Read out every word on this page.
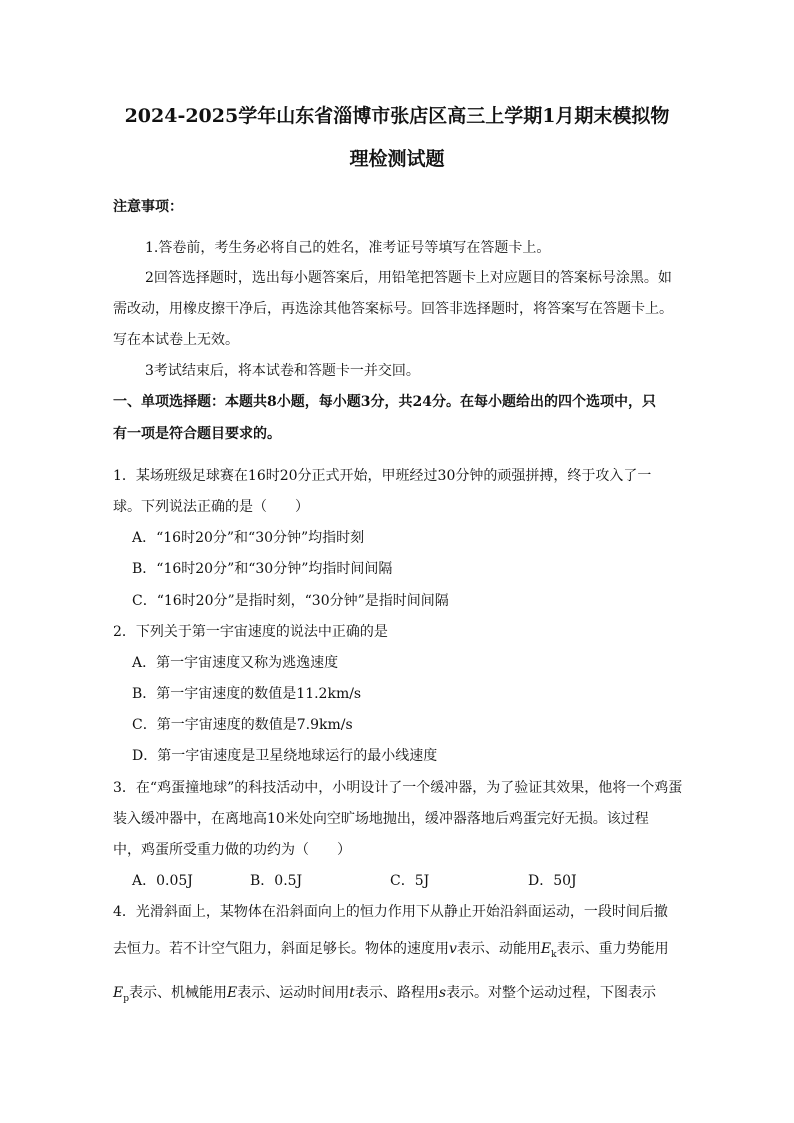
2024-2025学年山东省淄博市张店区高三上学期1月期末模拟物
理检测试题
注意事项：
1.答卷前，考生务必将自己的姓名，准考证号等填写在答题卡上。
2回答选择题时，选出每小题答案后，用铅笔把答题卡上对应题目的答案标号涂黑。如
需改动，用橡皮擦干净后，再选涂其他答案标号。回答非选择题时，将答案写在答题卡上。
写在本试卷上无效。
3考试结束后，将本试卷和答题卡一并交回。
一、单项选择题：本题共8小题，每小题3分，共24分。在每小题给出的四个选项中，只
有一项是符合题目要求的。
1．某场班级足球赛在16时20分正式开始，甲班经过30分钟的顽强拼搏，终于攻入了一
球。下列说法正确的是（　　）
A．“16时20分”和“30分钟”均指时刻
B．“16时20分”和“30分钟”均指时间间隔
C．“16时20分”是指时刻，“30分钟”是指时间间隔
2．下列关于第一宇宙速度的说法中正确的是
A．第一宇宙速度又称为逃逸速度
B．第一宇宙速度的数值是11.2km/s
C．第一宇宙速度的数值是7.9km/s
D．第一宇宙速度是卫星绕地球运行的最小线速度
3．在“鸡蛋撞地球”的科技活动中，小明设计了一个缓冲器，为了验证其效果，他将一个鸡蛋
装入缓冲器中，在离地高10米处向空旷场地抛出，缓冲器落地后鸡蛋完好无损。该过程
中，鸡蛋所受重力做的功约为（　　）
A．0.05J	B．0.5J	C．5J	D．50J
4．光滑斜面上，某物体在沿斜面向上的恒力作用下从静止开始沿斜面运动，一段时间后撤
去恒力。若不计空气阻力，斜面足够长。物体的速度用v表示、动能用$E_k$表示、重力势能用
$E_p$表示、机械能用E表示、运动时间用t表示、路程用s表示。对整个运动过程，下图表示
